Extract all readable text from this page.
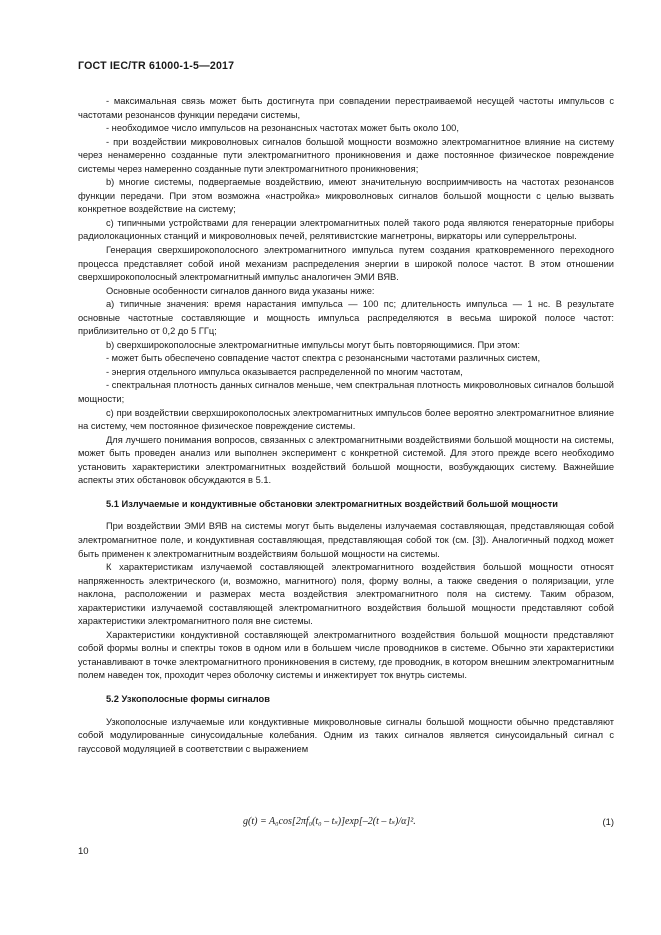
ГОСТ IEC/TR 61000-1-5—2017

- максимальная связь может быть достигнута при совпадении перестраиваемой несущей частоты импульсов с частотами резонансов функции передачи системы,

- необходимое число импульсов на резонансных частотах может быть около 100,

- при воздействии микроволновых сигналов большой мощности возможно электромагнитное влияние на систему через ненамеренно созданные пути электромагнитного проникновения и даже постоянное физическое повреждение системы через намеренно созданные пути электромагнитного проникновения;

b) многие системы, подвергаемые воздействию, имеют значительную восприимчивость на частотах резонансов функции передачи. При этом возможна «настройка» микроволновых сигналов большой мощности с целью вызвать конкретное воздействие на систему;

c) типичными устройствами для генерации электромагнитных полей такого рода являются генераторные приборы радиолокационных станций и микроволновых печей, релятивистские магнетроны, виркаторы или суперрельтроны.

Генерация сверхширокополосного электромагнитного импульса путем создания кратковременного переходного процесса представляет собой иной механизм распределения энергии в широкой полосе частот. В этом отношении сверхширокополосный электромагнитный импульс аналогичен ЭМИ ВЯВ.

Основные особенности сигналов данного вида указаны ниже:

a) типичные значения: время нарастания импульса — 100 пс; длительность импульса — 1 нс. В результате основные частотные составляющие и мощность импульса распределяются в весьма широкой полосе частот: приблизительно от 0,2 до 5 ГГц;

b) сверхширокополосные электромагнитные импульсы могут быть повторяющимися. При этом:

- может быть обеспечено совпадение частот спектра с резонансными частотами различных систем,

- энергия отдельного импульса оказывается распределенной по многим частотам,

- спектральная плотность данных сигналов меньше, чем спектральная плотность микроволновых сигналов большой мощности;

c) при воздействии сверхширокополосных электромагнитных импульсов более вероятно электромагнитное влияние на систему, чем постоянное физическое повреждение системы.

Для лучшего понимания вопросов, связанных с электромагнитными воздействиями большой мощности на системы, может быть проведен анализ или выполнен эксперимент с конкретной системой. Для этого прежде всего необходимо установить характеристики электромагнитных воздействий большой мощности, возбуждающих систему. Важнейшие аспекты этих обстановок обсуждаются в 5.1.

5.1 Излучаемые и кондуктивные обстановки электромагнитных воздействий большой мощности

При воздействии ЭМИ ВЯВ на системы могут быть выделены излучаемая составляющая, представляющая собой электромагнитное поле, и кондуктивная составляющая, представляющая собой ток (см. [3]). Аналогичный подход может быть применен к электромагнитным воздействиям большой мощности на системы.

К характеристикам излучаемой составляющей электромагнитного воздействия большой мощности относят напряженность электрического (и, возможно, магнитного) поля, форму волны, а также сведения о поляризации, угле наклона, расположении и размерах места воздействия электромагнитного поля на систему. Таким образом, характеристики излучаемой составляющей электромагнитного воздействия большой мощности представляют собой характеристики электромагнитного поля вне системы.

Характеристики кондуктивной составляющей электромагнитного воздействия большой мощности представляют собой формы волны и спектры токов в одном или в большем числе проводников в системе. Обычно эти характеристики устанавливают в точке электромагнитного проникновения в систему, где проводник, в котором внешним электромагнитным полем наведен ток, проходит через оболочку системы и инжектирует ток внутрь системы.

5.2 Узкополосные формы сигналов

Узкополосные излучаемые или кондуктивные микроволновые сигналы большой мощности обычно представляют собой модулированные синусоидальные колебания. Одним из таких сигналов является синусоидальный сигнал с гауссовой модуляцией в соответствии с выражением

g(t) = A₀cos[2πf₀(t₀ – tₛ)]exp[–2(t – tₛ)/α]².	(1)
10
